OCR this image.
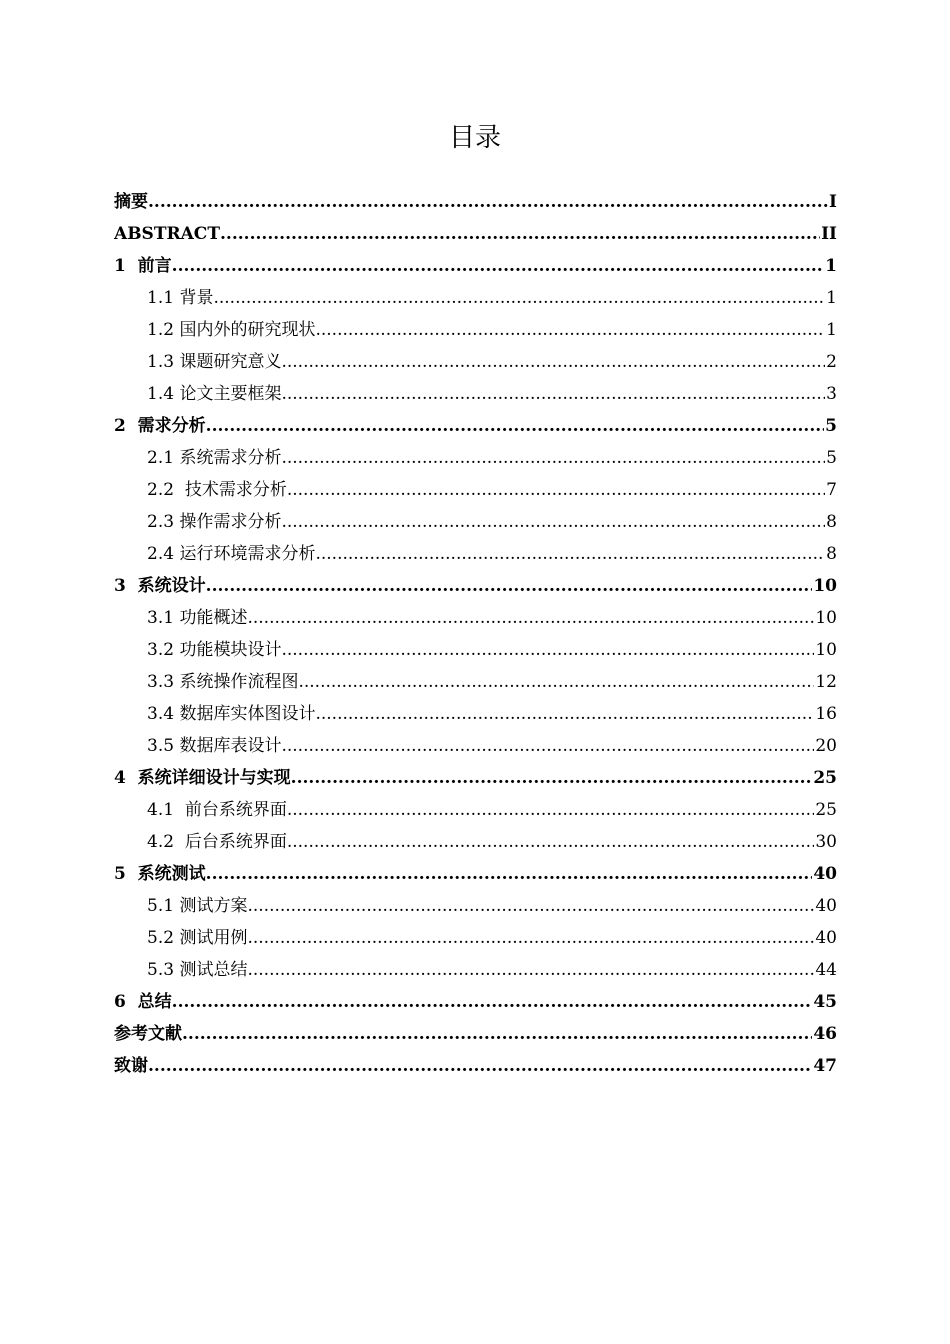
目录
摘要 .....	I
ABSTRACT .....	II
1  前言 .....	1
1.1 背景 .....	1
1.2 国内外的研究现状 .....	1
1.3 课题研究意义 .....	2
1.4 论文主要框架 .....	3
2  需求分析 .....	5
2.1 系统需求分析 .....	5
2.2  技术需求分析 .....	7
2.3 操作需求分析 .....	8
2.4 运行环境需求分析 .....	8
3  系统设计 .....	10
3.1 功能概述 .....	10
3.2 功能模块设计 .....	10
3.3 系统操作流程图 .....	12
3.4 数据库实体图设计 .....	16
3.5 数据库表设计 .....	20
4  系统详细设计与实现 .....	25
4.1  前台系统界面 .....	25
4.2  后台系统界面 .....	30
5  系统测试 .....	40
5.1 测试方案 .....	40
5.2 测试用例 .....	40
5.3 测试总结 .....	44
6  总结 .....	45
参考文献 .....	46
致谢 .....	47
